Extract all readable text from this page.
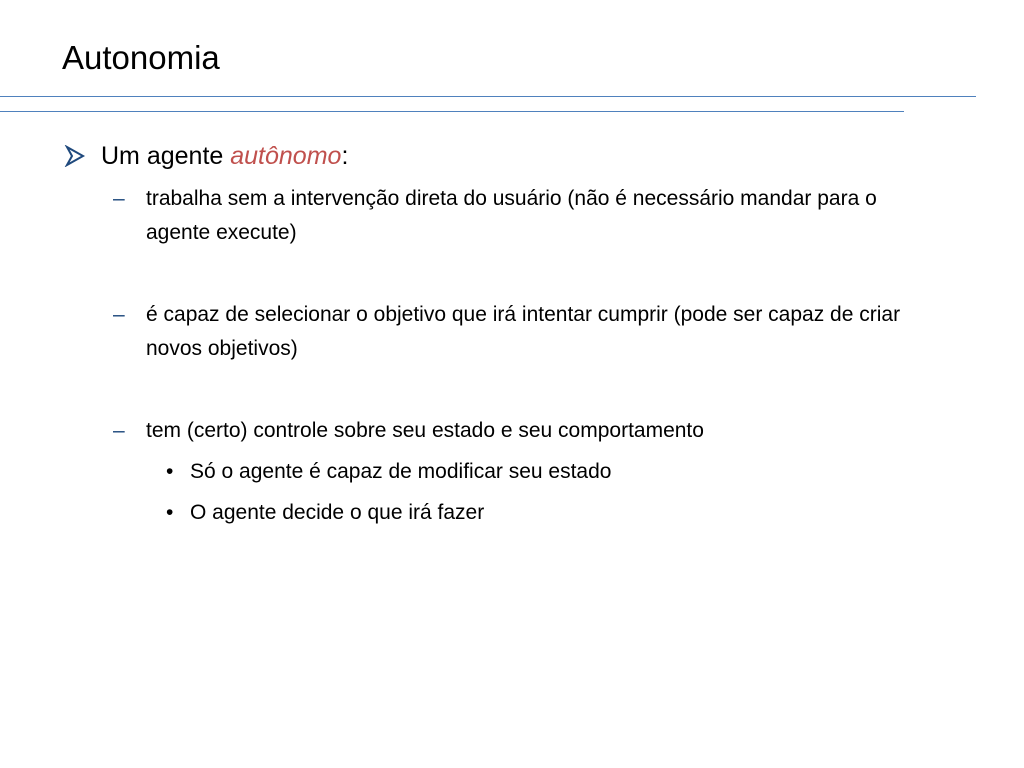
Autonomia
Um agente autônomo:
–	trabalha sem a intervenção direta do usuário (não é necessário mandar para o agente execute)
–	é capaz de selecionar o objetivo que irá intentar cumprir (pode ser capaz de criar novos objetivos)
–	tem (certo) controle sobre seu estado e seu comportamento
• Só o agente é capaz de modificar seu estado
• O agente decide o que irá fazer
